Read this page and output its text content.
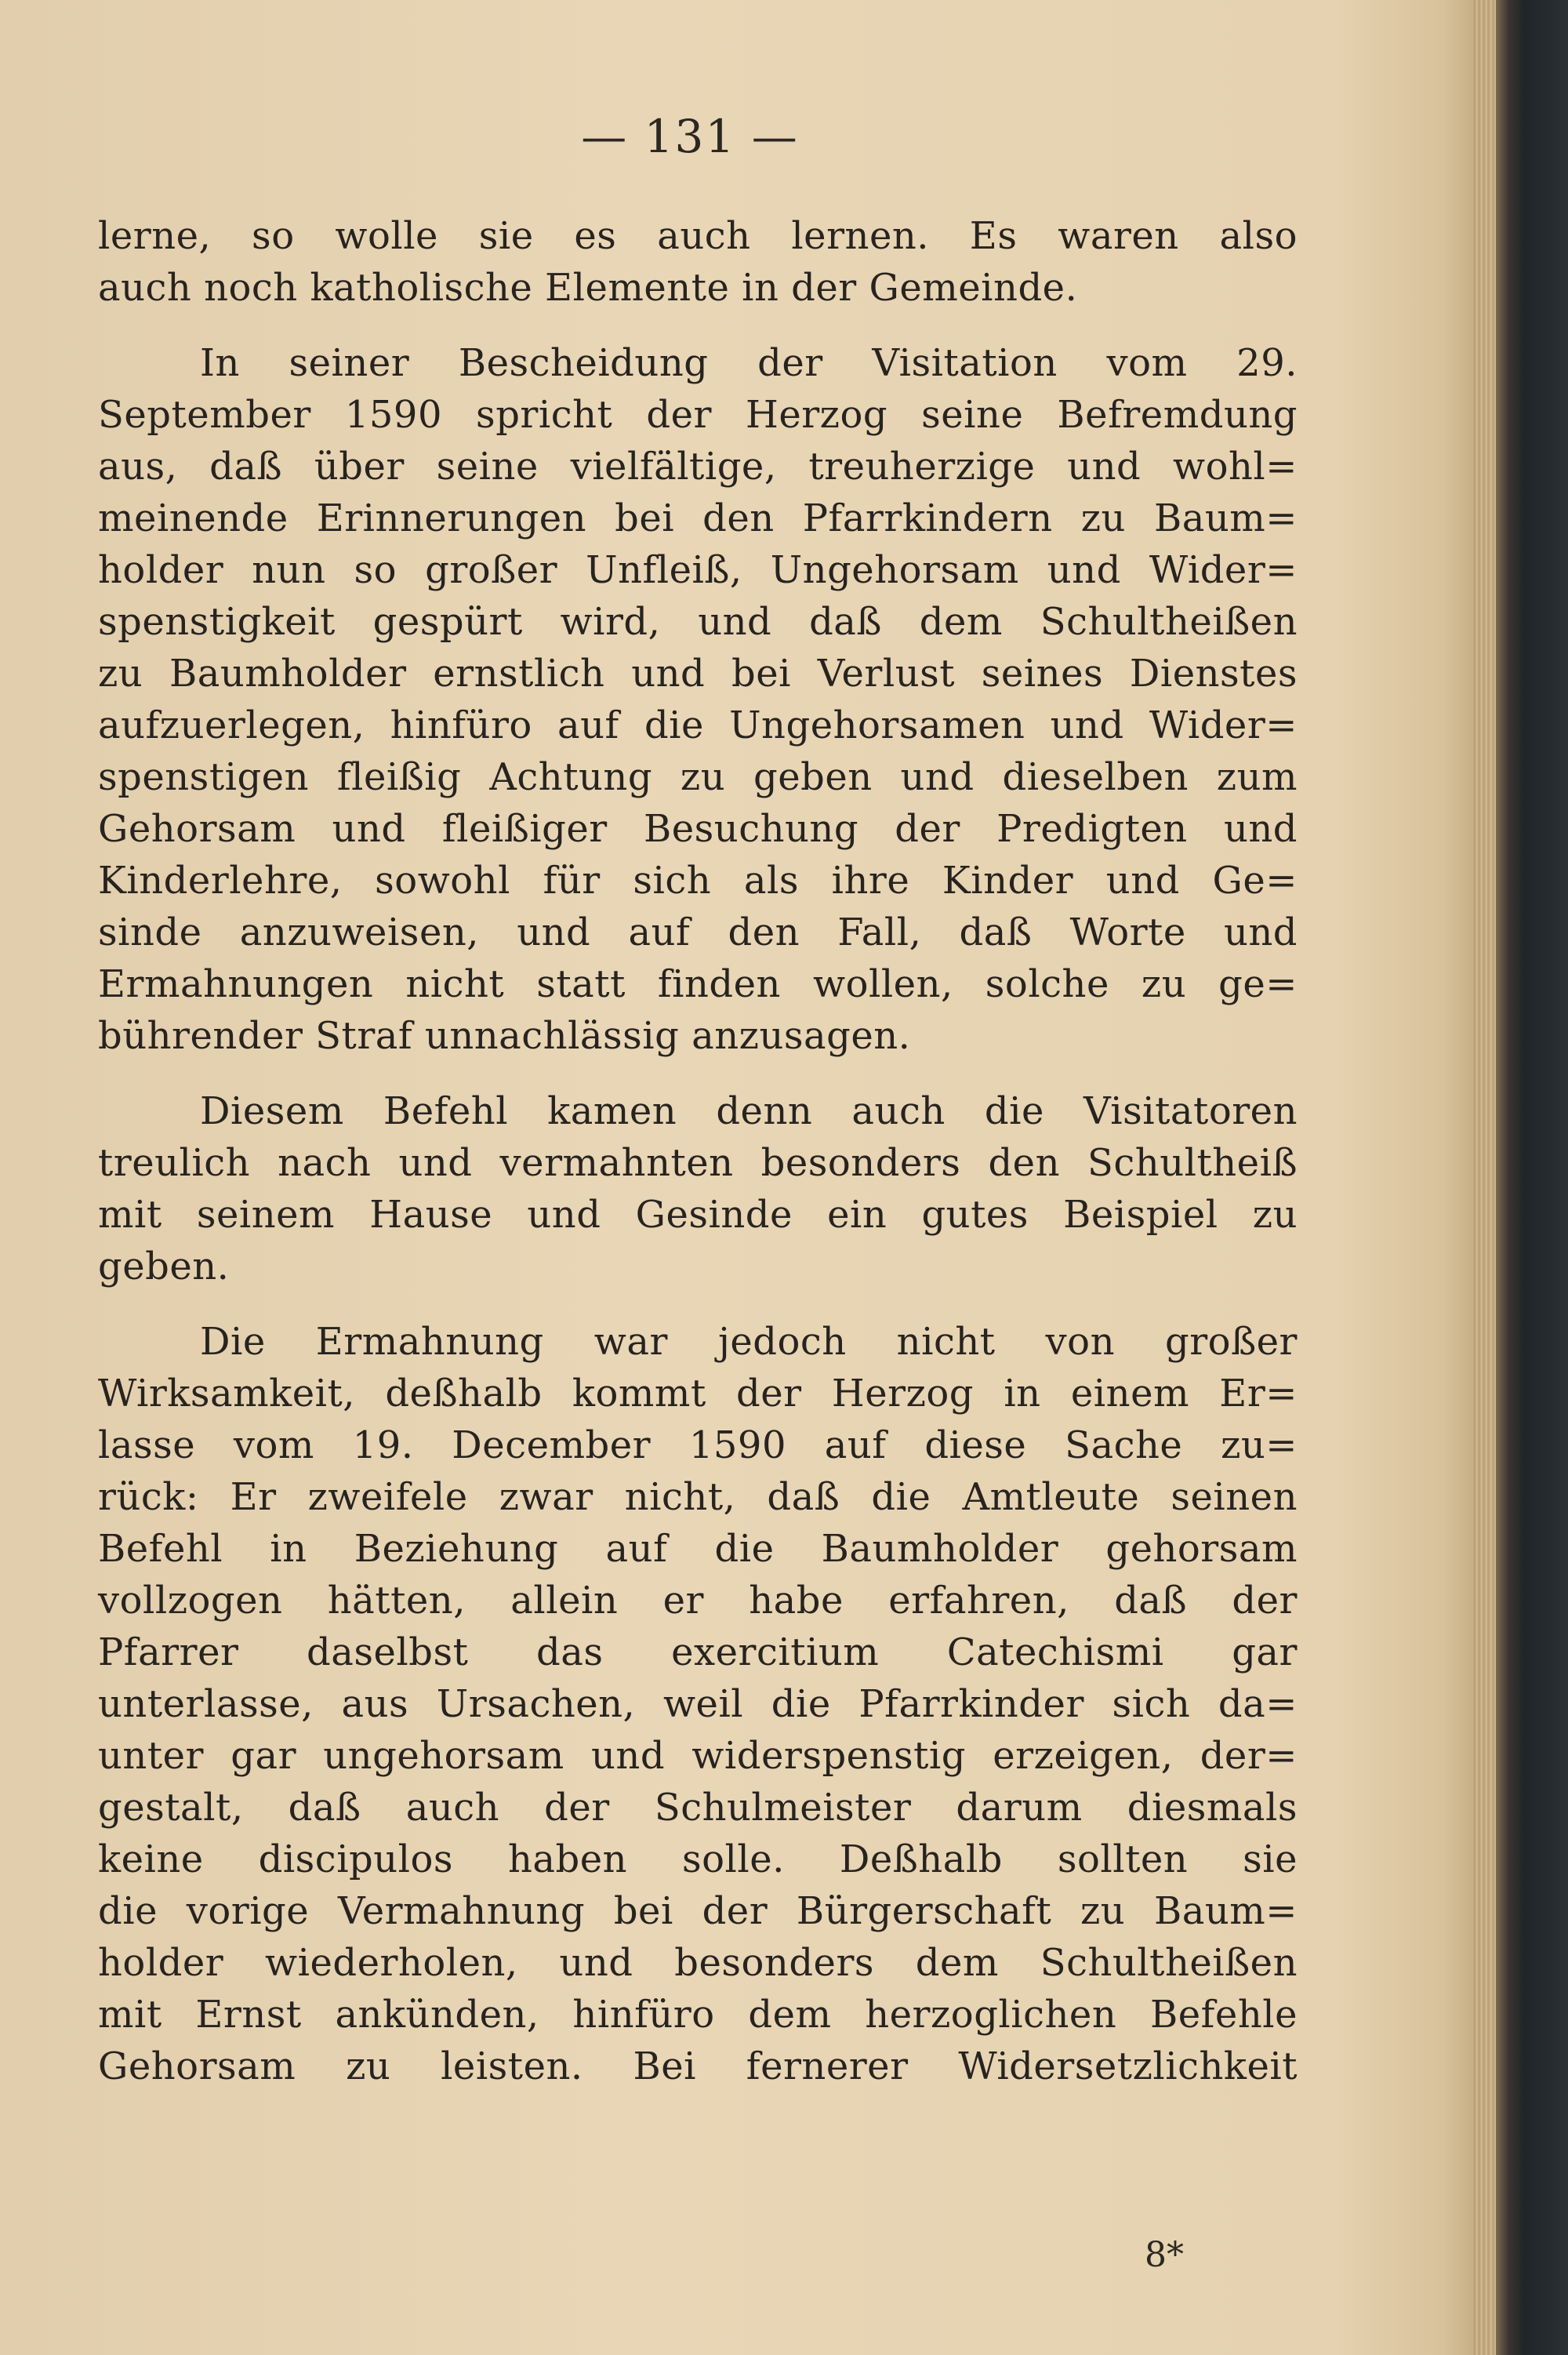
— 131 —
lerne, so wolle sie es auch lernen. Es waren also
auch noch katholische Elemente in der Gemeinde.
In seiner Bescheidung der Visitation vom 29.
September 1590 spricht der Herzog seine Befremdung
aus, daß über seine vielfältige, treuherzige und wohl=
meinende Erinnerungen bei den Pfarrkindern zu Baum=
holder nun so großer Unfleiß, Ungehorsam und Wider=
spenstigkeit gespürt wird, und daß dem Schultheißen
zu Baumholder ernstlich und bei Verlust seines Dienstes
aufzuerlegen, hinfüro auf die Ungehorsamen und Wider=
spenstigen fleißig Achtung zu geben und dieselben zum
Gehorsam und fleißiger Besuchung der Predigten und
Kinderlehre, sowohl für sich als ihre Kinder und Ge=
sinde anzuweisen, und auf den Fall, daß Worte und
Ermahnungen nicht statt finden wollen, solche zu ge=
bührender Straf unnachlässig anzusagen.
Diesem Befehl kamen denn auch die Visitatoren
treulich nach und vermahnten besonders den Schultheiß
mit seinem Hause und Gesinde ein gutes Beispiel zu
geben.
Die Ermahnung war jedoch nicht von großer
Wirksamkeit, deßhalb kommt der Herzog in einem Er=
lasse vom 19. December 1590 auf diese Sache zu=
rück: Er zweifele zwar nicht, daß die Amtleute seinen
Befehl in Beziehung auf die Baumholder gehorsam
vollzogen hätten, allein er habe erfahren, daß der
Pfarrer daselbst das exercitium Catechismi gar
unterlasse, aus Ursachen, weil die Pfarrkinder sich da=
unter gar ungehorsam und widerspenstig erzeigen, der=
gestalt, daß auch der Schulmeister darum diesmals
keine discipulos haben solle. Deßhalb sollten sie
die vorige Vermahnung bei der Bürgerschaft zu Baum=
holder wiederholen, und besonders dem Schultheißen
mit Ernst ankünden, hinfüro dem herzoglichen Befehle
Gehorsam zu leisten. Bei fernerer Widersetzlichkeit
8*
